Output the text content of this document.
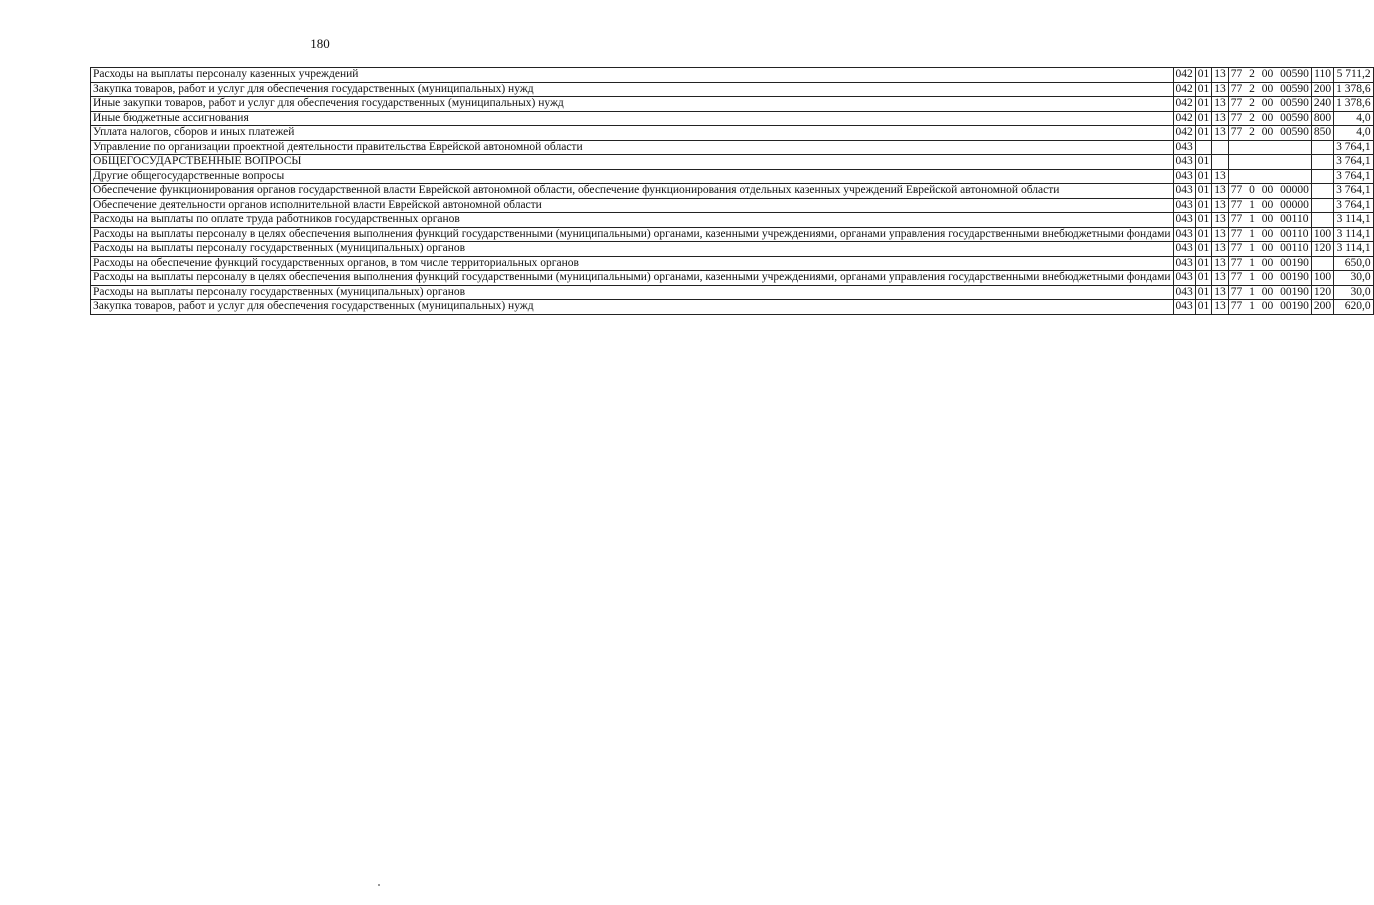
180
Расходы на выплаты персоналу казенных учреждений	042	01	13	77 2 00 00590	110	5 711,2
Закупка товаров, работ и услуг для обеспечения государственных (муниципальных) нужд	042	01	13	77 2 00 00590	200	1 378,6
Иные закупки товаров, работ и услуг для обеспечения государственных (муниципальных) нужд	042	01	13	77 2 00 00590	240	1 378,6
Иные бюджетные ассигнования	042	01	13	77 2 00 00590	800	4,0
Уплата налогов, сборов и иных платежей	042	01	13	77 2 00 00590	850	4,0
Управление по организации проектной деятельности правительства Еврейской автономной области	043					3 764,1
ОБЩЕГОСУДАРСТВЕННЫЕ ВОПРОСЫ	043	01				3 764,1
Другие общегосударственные вопросы	043	01	13			3 764,1
Обеспечение функционирования органов государственной власти Еврейской автономной области, обеспечение функционирования отдельных казенных учреждений Еврейской автономной области	043	01	13	77 0 00 00000		3 764,1
Обеспечение деятельности органов исполнительной власти Еврейской автономной области	043	01	13	77 1 00 00000		3 764,1
Расходы на выплаты по оплате труда работников государственных органов	043	01	13	77 1 00 00110		3 114,1
Расходы на выплаты персоналу в целях обеспечения выполнения функций государственными (муниципальными) органами, казенными учреждениями, органами управления государственными внебюджетными фондами	043	01	13	77 1 00 00110	100	3 114,1
Расходы на выплаты персоналу государственных (муниципальных) органов	043	01	13	77 1 00 00110	120	3 114,1
Расходы на обеспечение функций государственных органов, в том числе территориальных органов	043	01	13	77 1 00 00190		650,0
Расходы на выплаты персоналу в целях обеспечения выполнения функций государственными (муниципальными) органами, казенными учреждениями, органами управления государственными внебюджетными фондами	043	01	13	77 1 00 00190	100	30,0
Расходы на выплаты персоналу государственных (муниципальных) органов	043	01	13	77 1 00 00190	120	30,0
Закупка товаров, работ и услуг для обеспечения государственных (муниципальных) нужд	043	01	13	77 1 00 00190	200	620,0
